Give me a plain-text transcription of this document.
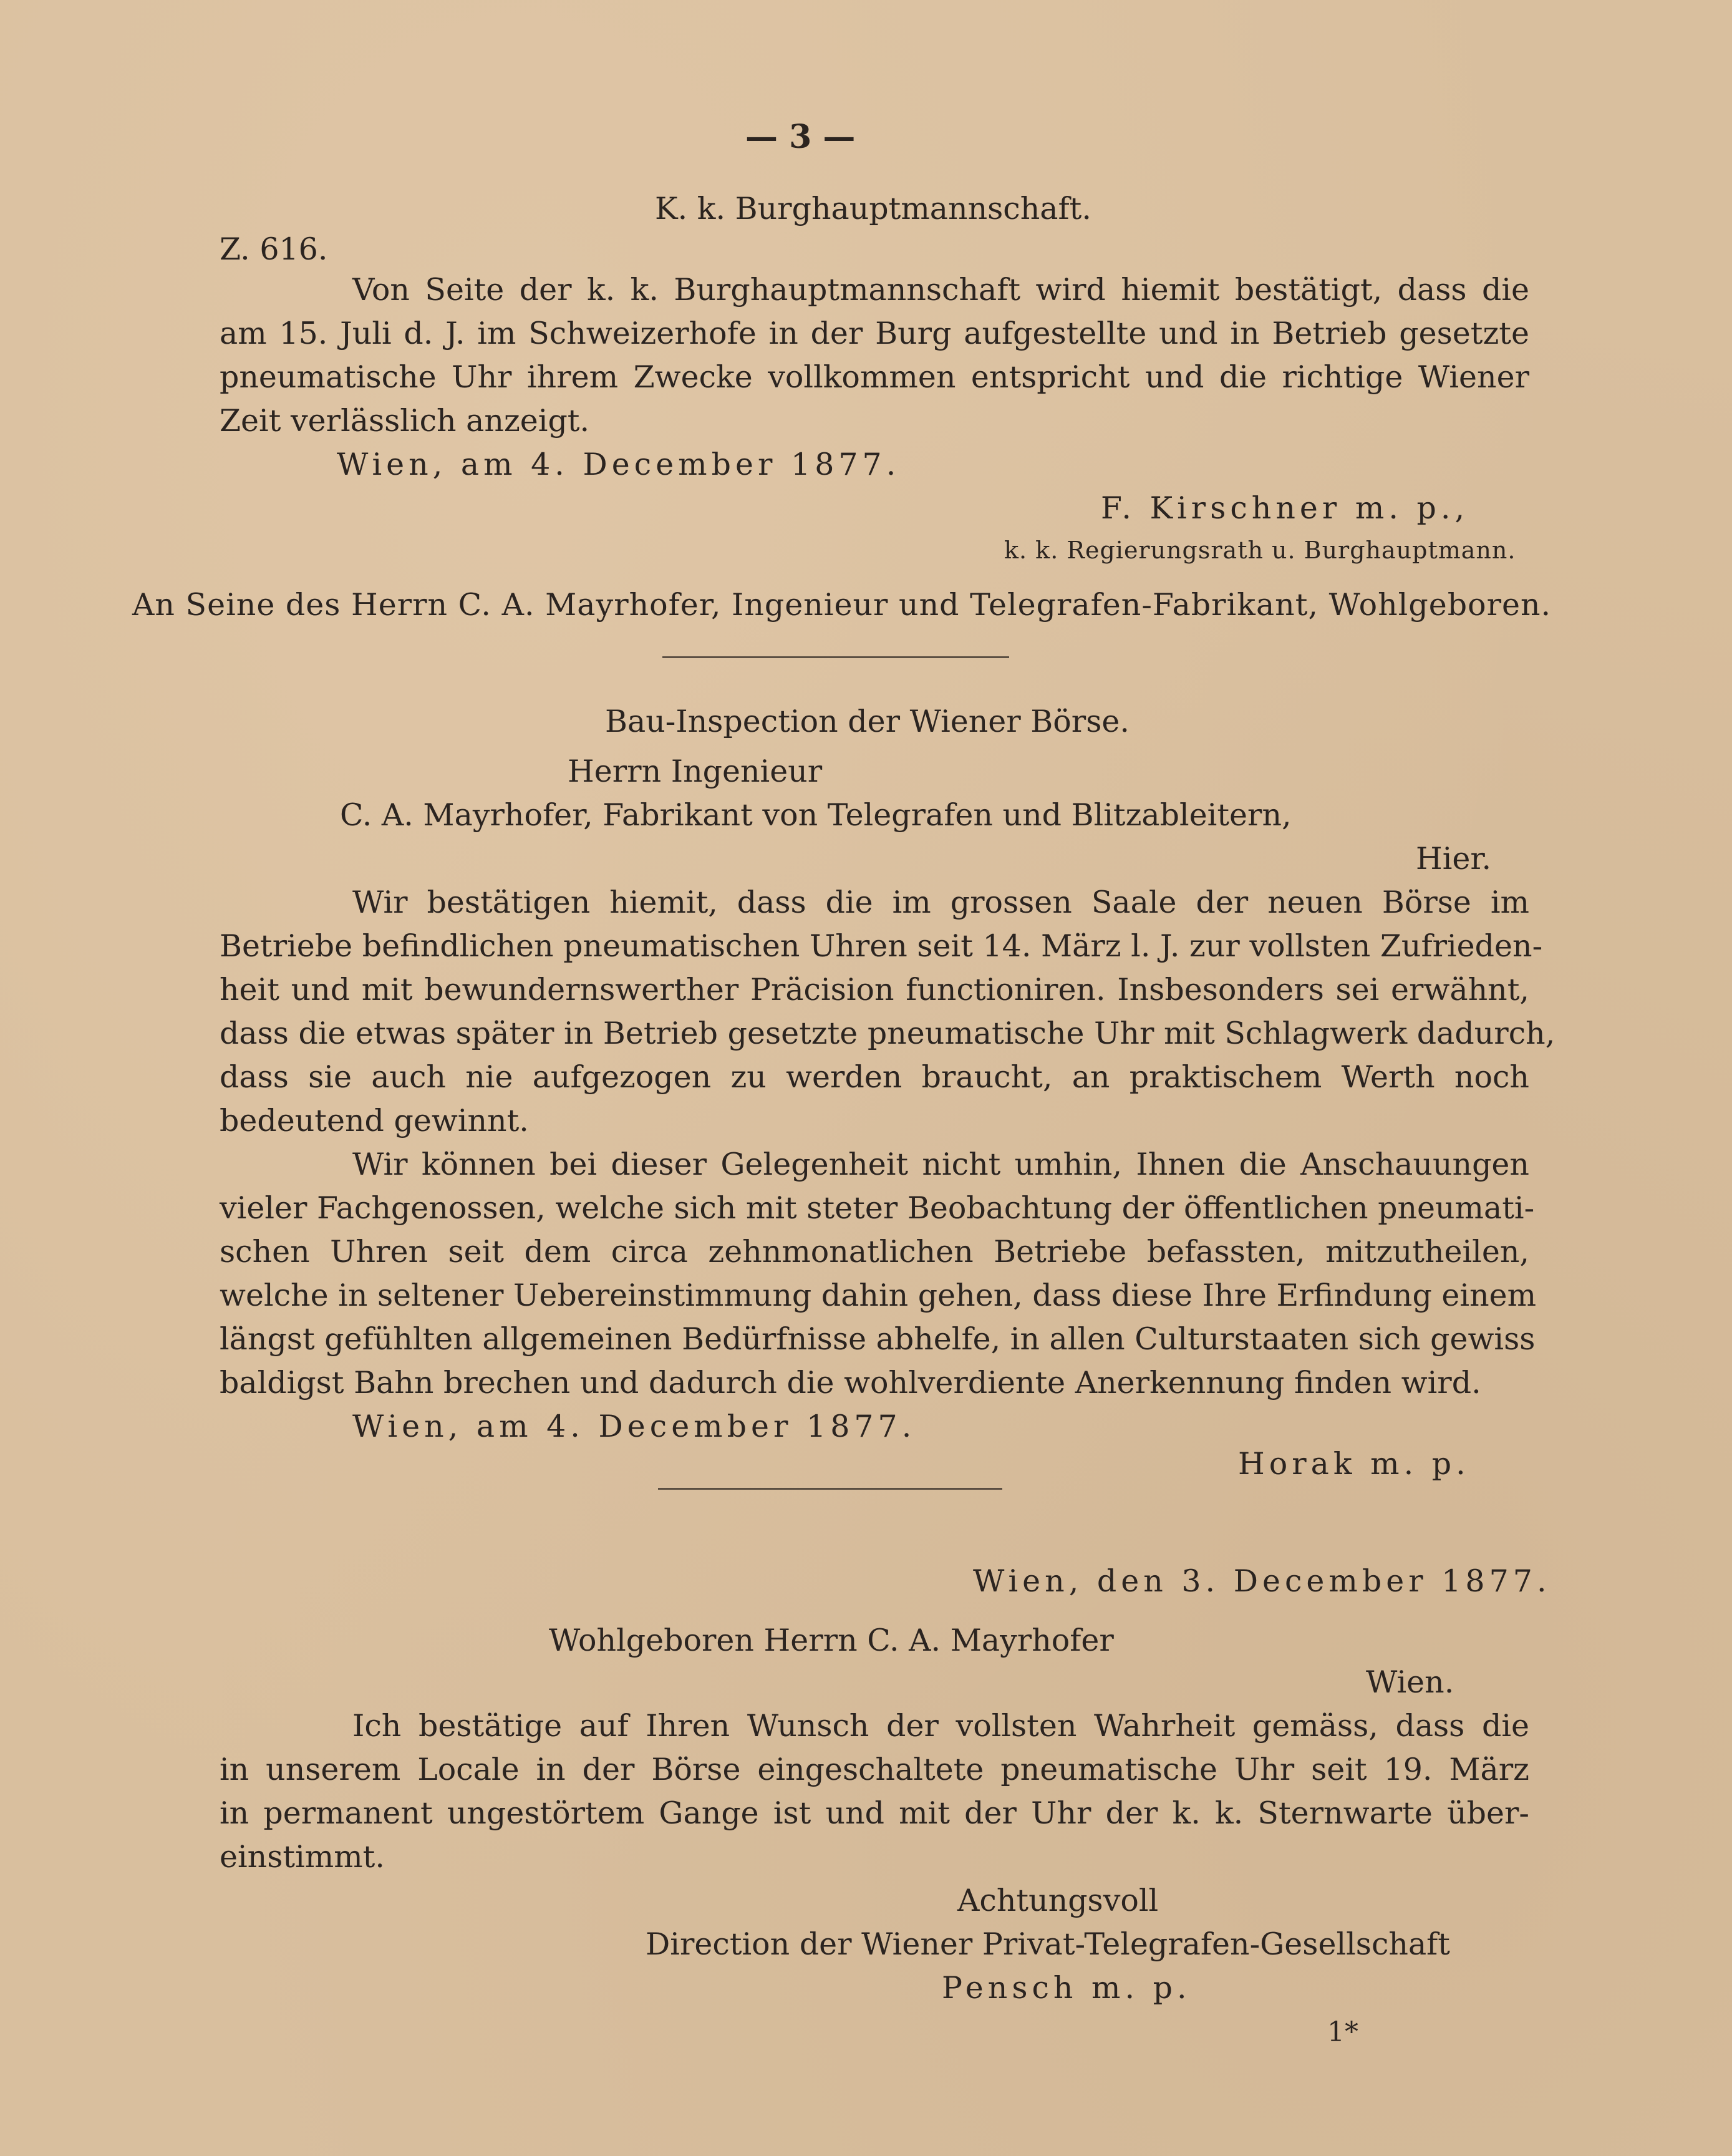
— 3 —
K. k. Burghauptmannschaft.
Z. 616.
Von Seite der k. k. Burghauptmannschaft wird hiemit bestätigt, dass die
am 15. Juli d. J. im Schweizerhofe in der Burg aufgestellte und in Betrieb gesetzte
pneumatische Uhr ihrem Zwecke vollkommen entspricht und die richtige Wiener
Zeit verlässlich anzeigt.
Wien, am 4. December 1877.
F. Kirschner m. p.,
k. k. Regierungsrath u. Burghauptmann.
An Seine des Herrn C. A. Mayrhofer, Ingenieur und Telegrafen-Fabrikant, Wohlgeboren.
Bau-Inspection der Wiener Börse.
Herrn Ingenieur
C. A. Mayrhofer, Fabrikant von Telegrafen und Blitzableitern,
Hier.
Wir bestätigen hiemit, dass die im grossen Saale der neuen Börse im
Betriebe befindlichen pneumatischen Uhren seit 14. März l. J. zur vollsten Zufrieden-
heit und mit bewundernswerther Präcision functioniren. Insbesonders sei erwähnt,
dass die etwas später in Betrieb gesetzte pneumatische Uhr mit Schlagwerk dadurch,
dass sie auch nie aufgezogen zu werden braucht, an praktischem Werth noch
bedeutend gewinnt.
Wir können bei dieser Gelegenheit nicht umhin, Ihnen die Anschauungen
vieler Fachgenossen, welche sich mit steter Beobachtung der öffentlichen pneumati-
schen Uhren seit dem circa zehnmonatlichen Betriebe befassten, mitzutheilen,
welche in seltener Uebereinstimmung dahin gehen, dass diese Ihre Erfindung einem
längst gefühlten allgemeinen Bedürfnisse abhelfe, in allen Culturstaaten sich gewiss
baldigst Bahn brechen und dadurch die wohlverdiente Anerkennung finden wird.
Wien, am 4. December 1877.
Horak m. p.
Wien, den 3. December 1877.
Wohlgeboren Herrn C. A. Mayrhofer
Wien.
Ich bestätige auf Ihren Wunsch der vollsten Wahrheit gemäss, dass die
in unserem Locale in der Börse eingeschaltete pneumatische Uhr seit 19. März
in permanent ungestörtem Gange ist und mit der Uhr der k. k. Sternwarte über-
einstimmt.
Achtungsvoll
Direction der Wiener Privat-Telegrafen-Gesellschaft
Pensch m. p.
1*
